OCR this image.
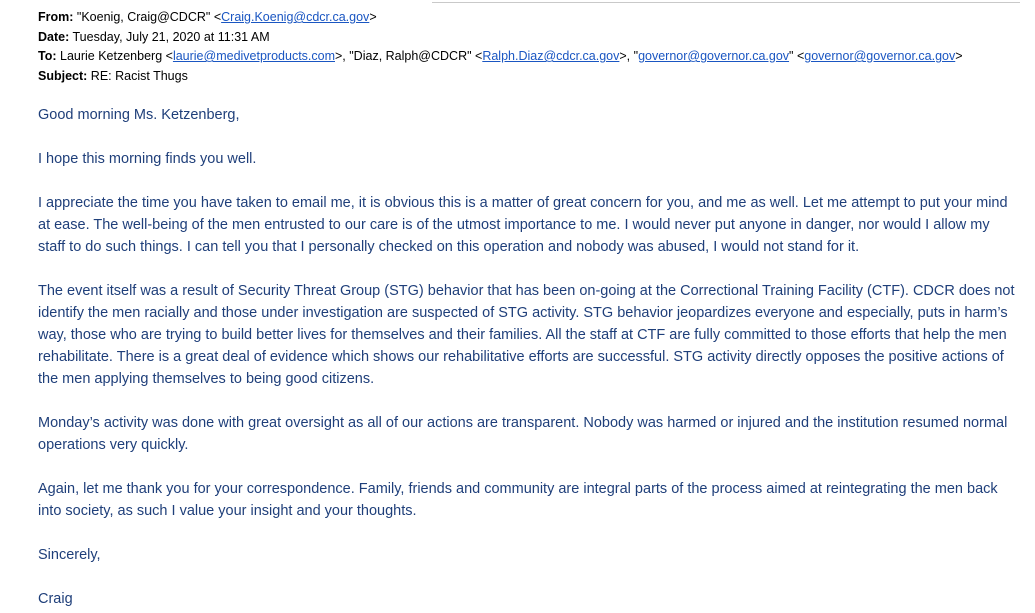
From: "Koenig, Craig@CDCR" <Craig.Koenig@cdcr.ca.gov>
Date: Tuesday, July 21, 2020 at 11:31 AM
To: Laurie Ketzenberg <laurie@medivetproducts.com>, "Diaz, Ralph@CDCR" <Ralph.Diaz@cdcr.ca.gov>, "governor@governor.ca.gov" <governor@governor.ca.gov>
Subject: RE: Racist Thugs

Good morning Ms. Ketzenberg,

I hope this morning finds you well.

I appreciate the time you have taken to email me, it is obvious this is a matter of great concern for you, and me as well. Let me attempt to put your mind at ease. The well-being of the men entrusted to our care is of the utmost importance to me. I would never put anyone in danger, nor would I allow my staff to do such things. I can tell you that I personally checked on this operation and nobody was abused, I would not stand for it.

The event itself was a result of Security Threat Group (STG) behavior that has been on-going at the Correctional Training Facility (CTF). CDCR does not identify the men racially and those under investigation are suspected of STG activity. STG behavior jeopardizes everyone and especially, puts in harm’s way, those who are trying to build better lives for themselves and their families. All the staff at CTF are fully committed to those efforts that help the men rehabilitate. There is a great deal of evidence which shows our rehabilitative efforts are successful. STG activity directly opposes the positive actions of the men applying themselves to being good citizens.

Monday’s activity was done with great oversight as all of our actions are transparent. Nobody was harmed or injured and the institution resumed normal operations very quickly.

Again, let me thank you for your correspondence. Family, friends and community are integral parts of the process aimed at reintegrating the men back into society, as such I value your insight and your thoughts.

Sincerely,

Craig
